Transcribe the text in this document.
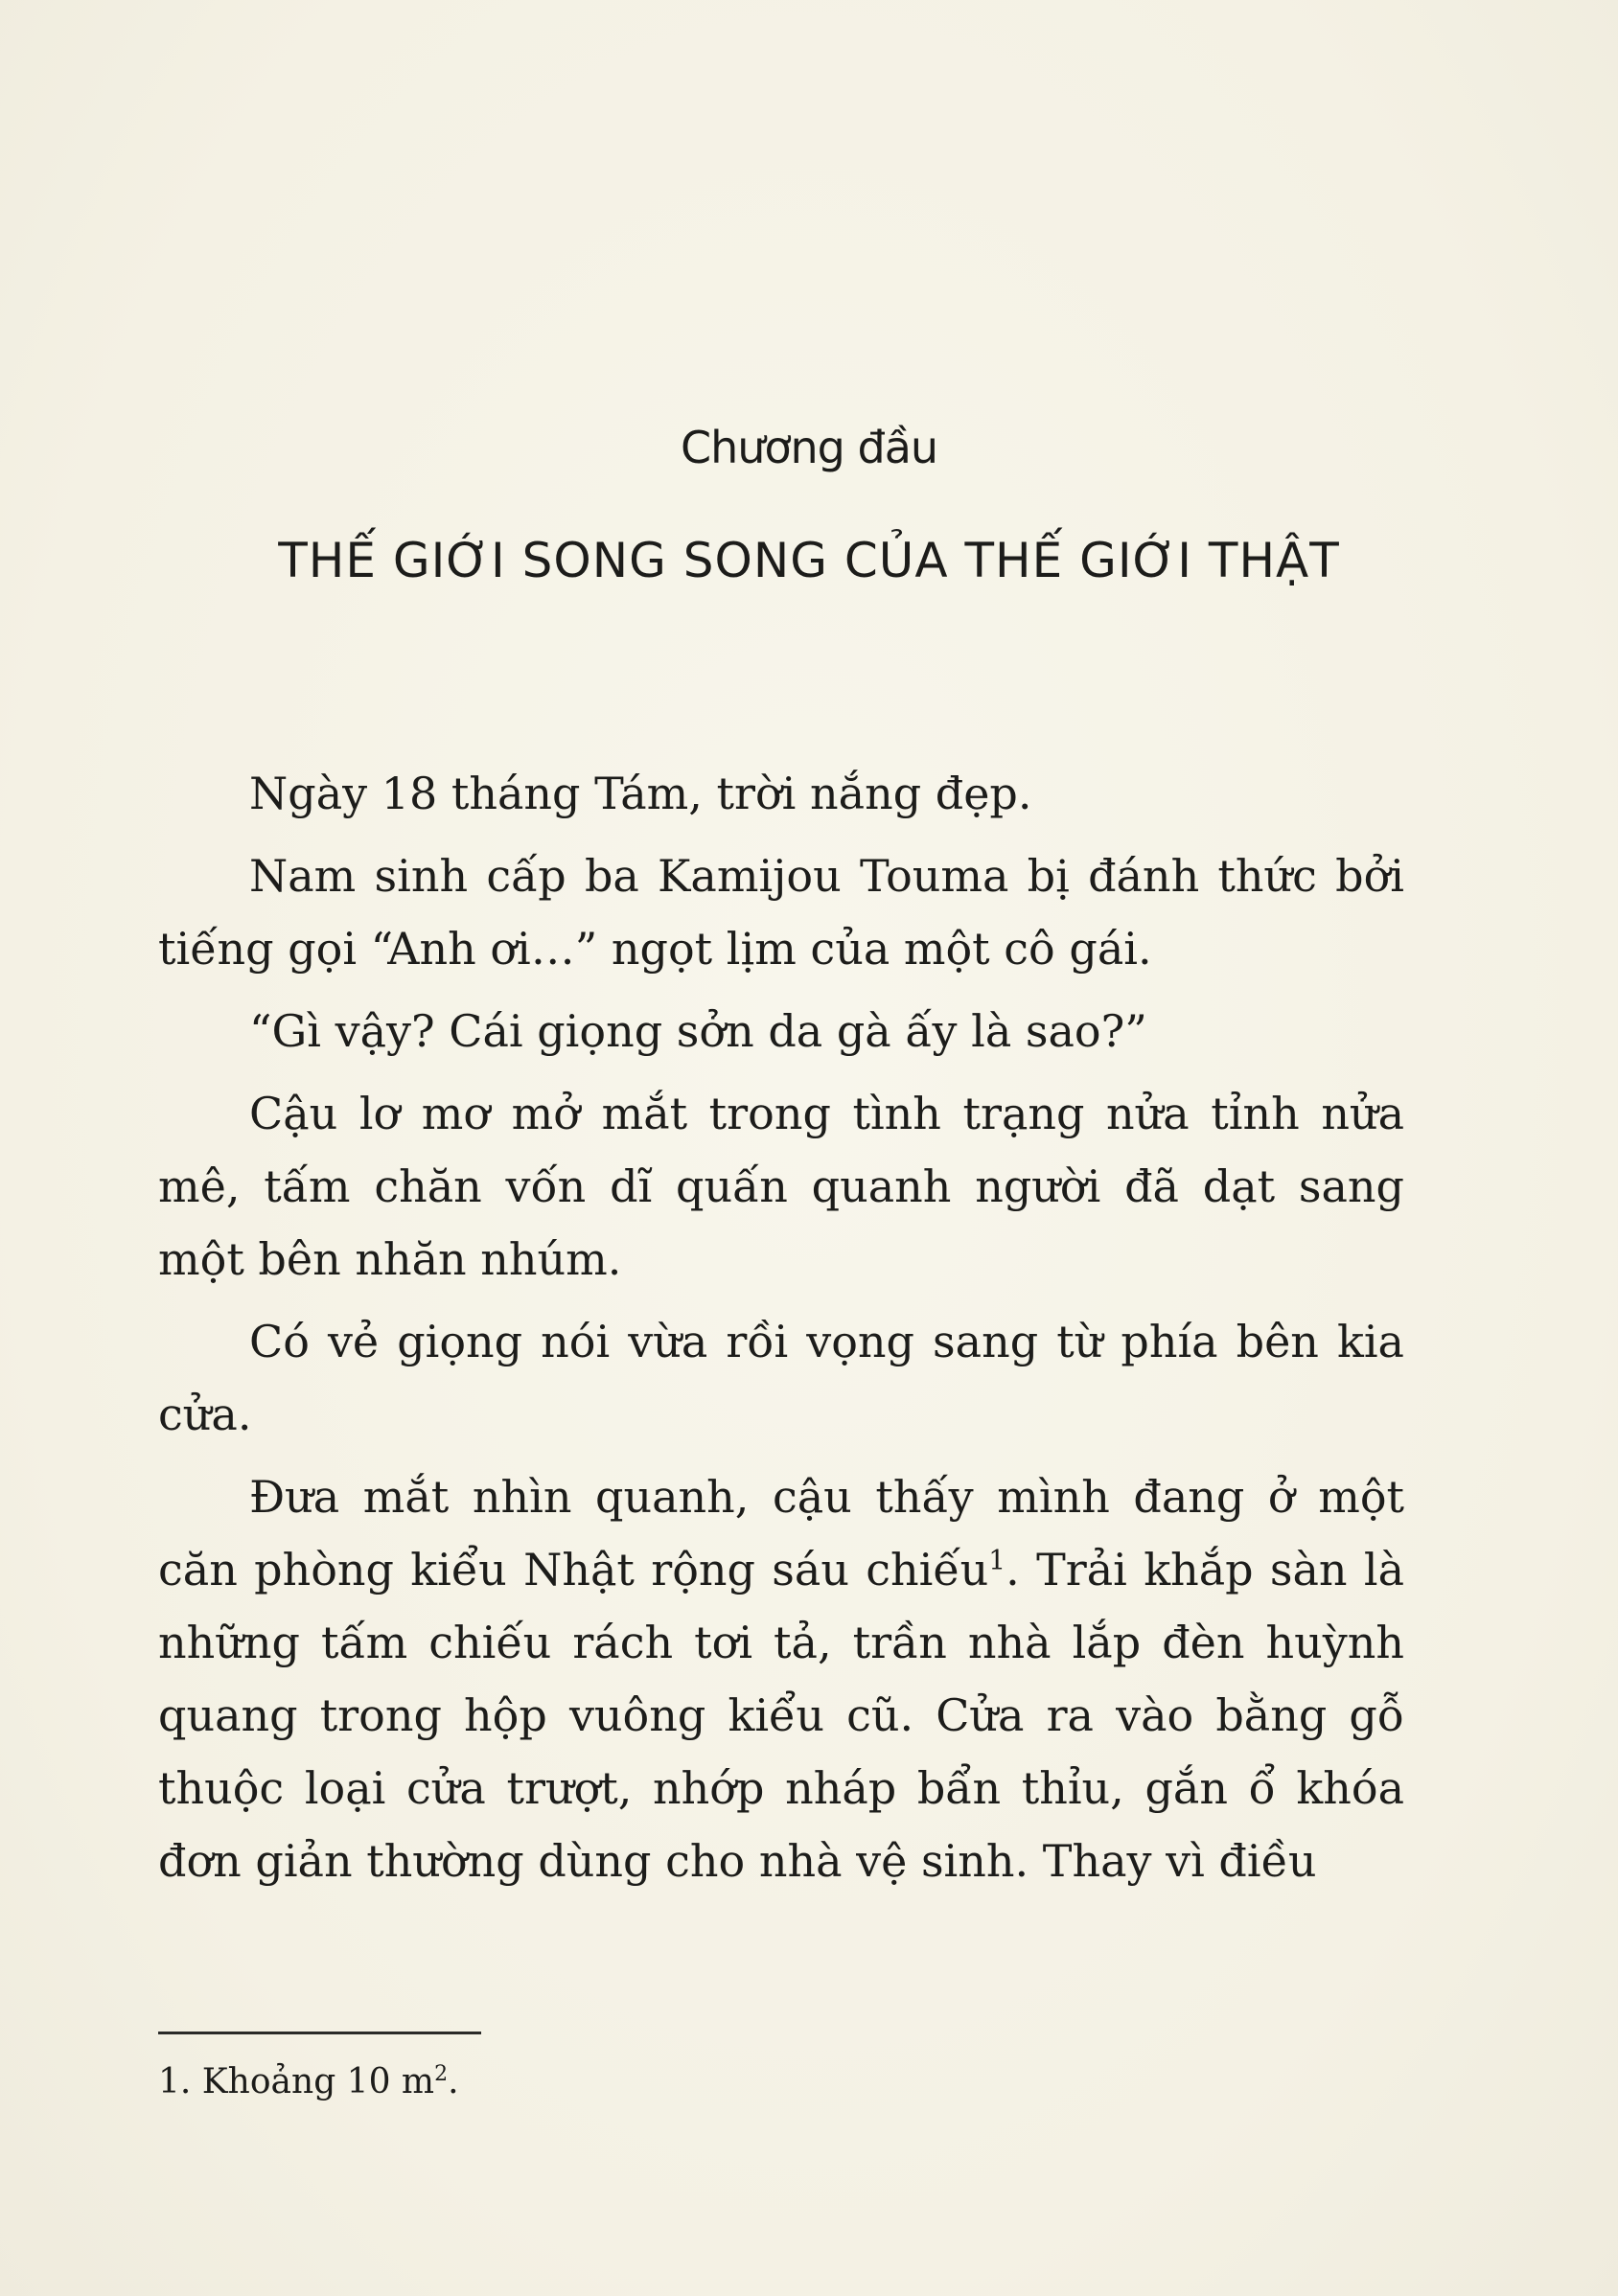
Chương đầu
THẾ GIỚI SONG SONG CỦA THẾ GIỚI THẬT

Ngày 18 tháng Tám, trời nắng đẹp.

Nam sinh cấp ba Kamijou Touma bị đánh thức bởi tiếng gọi “Anh ơi…” ngọt lịm của một cô gái.

“Gì vậy? Cái giọng sởn da gà ấy là sao?”

Cậu lơ mơ mở mắt trong tình trạng nửa tỉnh nửa mê, tấm chăn vốn dĩ quấn quanh người đã dạt sang một bên nhăn nhúm.

Có vẻ giọng nói vừa rồi vọng sang từ phía bên kia cửa.

Đưa mắt nhìn quanh, cậu thấy mình đang ở một căn phòng kiểu Nhật rộng sáu chiếu$^1$. Trải khắp sàn là những tấm chiếu rách tơi tả, trần nhà lắp đèn huỳnh quang trong hộp vuông kiểu cũ. Cửa ra vào bằng gỗ thuộc loại cửa trượt, nhớp nháp bẩn thỉu, gắn ổ khóa đơn giản thường dùng cho nhà vệ sinh. Thay vì điều

1. Khoảng 10 $m^2$.
